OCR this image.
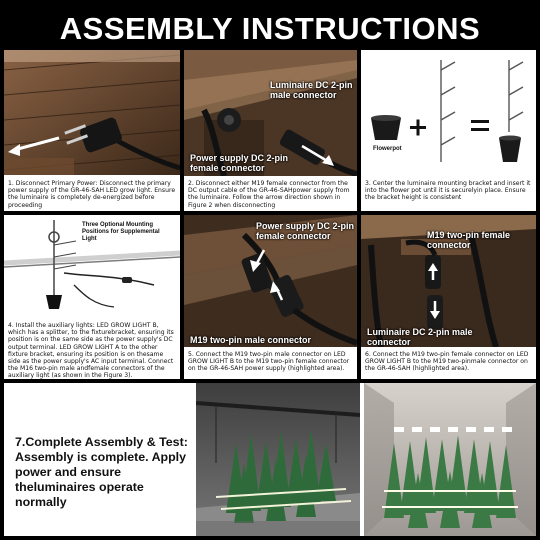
ASSEMBLY INSTRUCTIONS
1. Disconnect Primary Power: Disconnect the primary power supply of the GR-46-SAH LED grow light. Ensure the luminaire is completely de-energized before proceeding
Luminaire DC 2-pin male connector
Power supply DC 2-pin female connector
2. Disconnect either M19 female connector from the DC output cable of the GR-46-SAHpower supply from the luminaire. Follow the arrow direction shown in Figure 2 when disconnecting
Flowerpot
3. Center the luminaire mounting bracket and insert it into the flower pot until it is securelyin place. Ensure the bracket height is consistent
Three Optional Mounting Positions for Supplemental Light
4. Install the auxiliary lights: LED GROW LIGHT B, which has a splitter, to the fixturebracket, ensuring its position is on the same side as the power supply's DC output terminal. LED GROW LIGHT A to the other fixture bracket, ensuring its position is on thesame side as the power supply's AC input terminal. Connect the M16 two-pin male andfemale connectors of the auxiliary light (as shown in the Figure 3).
Power supply DC 2-pin female connector
M19 two-pin male connector
5. Connect the M19 two-pin male connector on LED GROW LIGHT B to the M19 two-pin female connector on the GR-46-SAH power supply (highlighted area).
M19 two-pin female connector
Luminaire DC 2-pin male connector
6. Connect the M19 two-pin female connector on LED GROW LIGHT B to the M19 two-pinmale connector on the GR-46-SAH (highlighted area).
7.Complete Assembly & Test: Assembly is complete. Apply power and ensure theluminaires operate normally
